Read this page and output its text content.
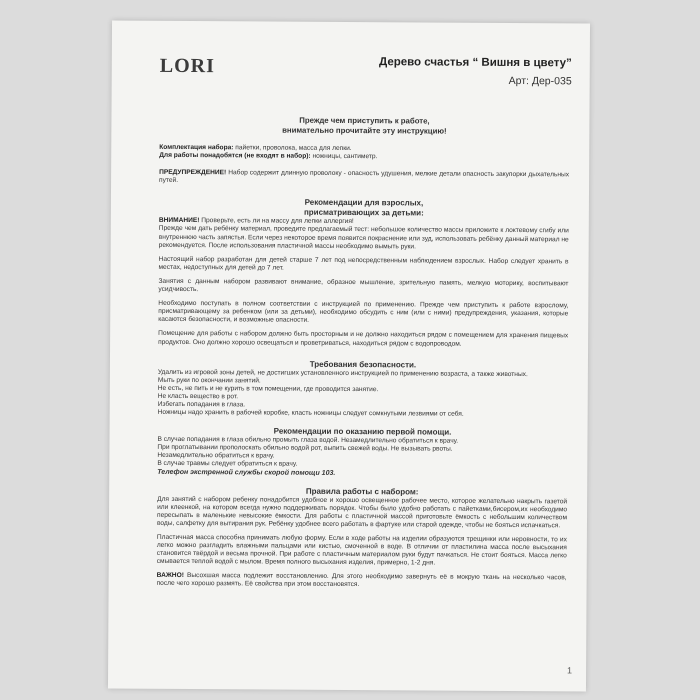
LORI	Дерево счастья “ Вишня в цвету”
Арт: Дер-035

Прежде чем приступить к работе,

внимательно прочитайте эту инструкцию!

Комплектация набора: пайетки, проволока, масса для лепки.

Для работы понадобятся (не входят в набор): ножницы, сантиметр.

ПРЕДУПРЕЖДЕНИЕ! Набор содержит длинную проволоку - опасность удушения, мелкие детали опасность закупорки дыхательных путей.

Рекомендации для взрослых,

присматривающих за детьми:

ВНИМАНИЕ! Проверьте, есть ли на массу для лепки аллергия!

Прежде чем дать ребёнку материал, проведите предлагаемый тест: небольшое количество массы приложите к локтевому сгибу или внутреннюю часть запястья. Если через некоторое время появится покраснение или зуд, использовать ребёнку данный материал не рекомендуется. После использования пластичной массы необходимо вымыть руки.

Настоящий набор разработан для детей старше 7 лет под непосредственным наблюдением взрослых. Набор следует хранить в местах, недоступных для детей до 7 лет.

Занятия с данным набором развивают внимание, образное мышление, зрительную память, мелкую моторику, воспитывают усидчивость.

Необходимо поступать в полном соответствии с инструкцией по применению. Прежде чем приступить к работе взрослому, присматривающему за ребенком (или за детьми), необходимо обсудить с ним (или с ними) предупреждения, указания, которые касаются безопасности, и возможные опасности.

Помещение для работы с набором должно быть просторным и не должно находиться рядом с помещением для хранения пищевых продуктов. Оно должно хорошо освещаться и проветриваться, находиться рядом с водопроводом.

Требования безопасности.

Удалить из игровой зоны детей, не достигших установленного инструкцией по применению возраста, а также животных.

Мыть руки по окончании занятий.

Не есть, не пить и не курить в том помещении, где проводится занятие.

Не класть вещество в рот.

Избегать попадания в глаза.

Ножницы надо хранить в рабочей коробке, класть ножницы следует сомкнутыми лезвиями от себя.

Рекомендации по оказанию первой помощи.

В случае попадания в глаза обильно промыть глаза водой. Незамедлительно обратиться к врачу.

При проглатывании прополоскать обильно водой рот, выпить свежей воды. Не вызывать рвоты.

Незамедлительно обратиться к врачу.

В случае травмы следует обратиться к врачу.

Телефон экстренной службы скорой помощи 103.

Правила работы с набором:

Для занятий с набором ребенку понадобится удобное и хорошо освещенное рабочее место, которое желательно накрыть газетой или клеенкой, на котором всегда нужно поддерживать порядок. Чтобы было удобно работать с пайетками,бисером,их необходимо пересыпать в маленькие невысокие ёмкости. Для работы с пластичной массой приготовьте ёмкость с небольшим количеством воды, салфетку для вытирания рук. Ребёнку удобнее всего работать в фартуке или старой одежде, чтобы не бояться испачкаться.

Пластичная масса способна принимать любую форму. Если в ходе работы на изделии образуются трещинки или неровности, то их легко можно разгладить влажными пальцами или кистью, смоченной в воде. В отличии от пластилина масса после высыхания становится твёрдой и весьма прочной. При работе с пластичным материалом руки будут пачкаться. Не стоит бояться. Масса легко смывается теплой водой с мылом. Время полного высыхания изделия, примерно, 1-2 дня.

ВАЖНО! Высохшая масса подлежит восстановлению. Для этого необходимо завернуть её в мокрую ткань на несколько часов, после чего хорошо размять. Её свойства при этом восстановятся.

1
